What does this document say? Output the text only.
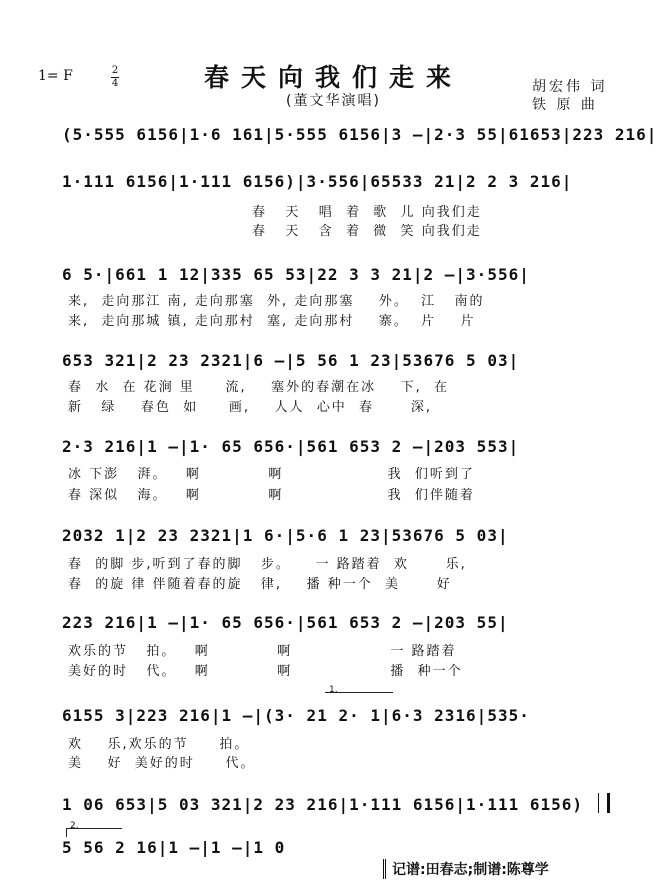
春天向我们走来
(董文华演唱)
1= F	2
4	胡宏伟 词
铁 原 曲
(5·555 6156|1·6 161|5·555 6156|3 –|2·3 55|61653|223 216|
1·111 6156|1·111 6156)|3·556|65533 21|2 2 3 216|
春   天   唱  着  歌  儿 向我们走
春   天   含  着  微  笑 向我们走
6 5·|661 1 12|335 65 53|22 3 3 21|2 –|3·556|
来,  走向那江 南, 走向那塞  外, 走向那塞    外。  江   南的
来,  走向那城 镇, 走向那村  塞, 走向那村    寨。  片    片
653 321|2 23 2321|6 –|5 56 1 23|53676 5 03|
春  水  在 花涧 里     流,    塞外的春潮在冰    下,  在
新   绿    春色  如     画,    人人  心中  春      深,
2·3 216|1 –|1· 65 656·|561 653 2 –|203 553|
冰 下澎   湃。   啊           啊                 我  们听到了
春 深似   海。   啊           啊                 我  们伴随着
2032 1|2 23 2321|1 6·|5·6 1 23|53676 5 03|
春  的脚 步,听到了春的脚   步。    一 路踏着  欢      乐,
春  的旋 律 伴随着春的旋   律,    播 种一个  美      好
223 216|1 –|1· 65 656·|561 653 2 –|203 55|
欢乐的节   拍。   啊           啊                一 路踏着
美好的时   代。   啊           啊                播  种一个
1.
6155 3|223 216|1 –|(3· 21 2· 1|6·3 2316|535·
欢    乐,欢乐的节     拍。
美    好  美好的时     代。
1 06 653|5 03 321|2 23 216|1·111 6156|1·111 6156)
2.
5 56 2 16|1 –|1 –|1 0
记谱:田春志;制谱:陈尊学
